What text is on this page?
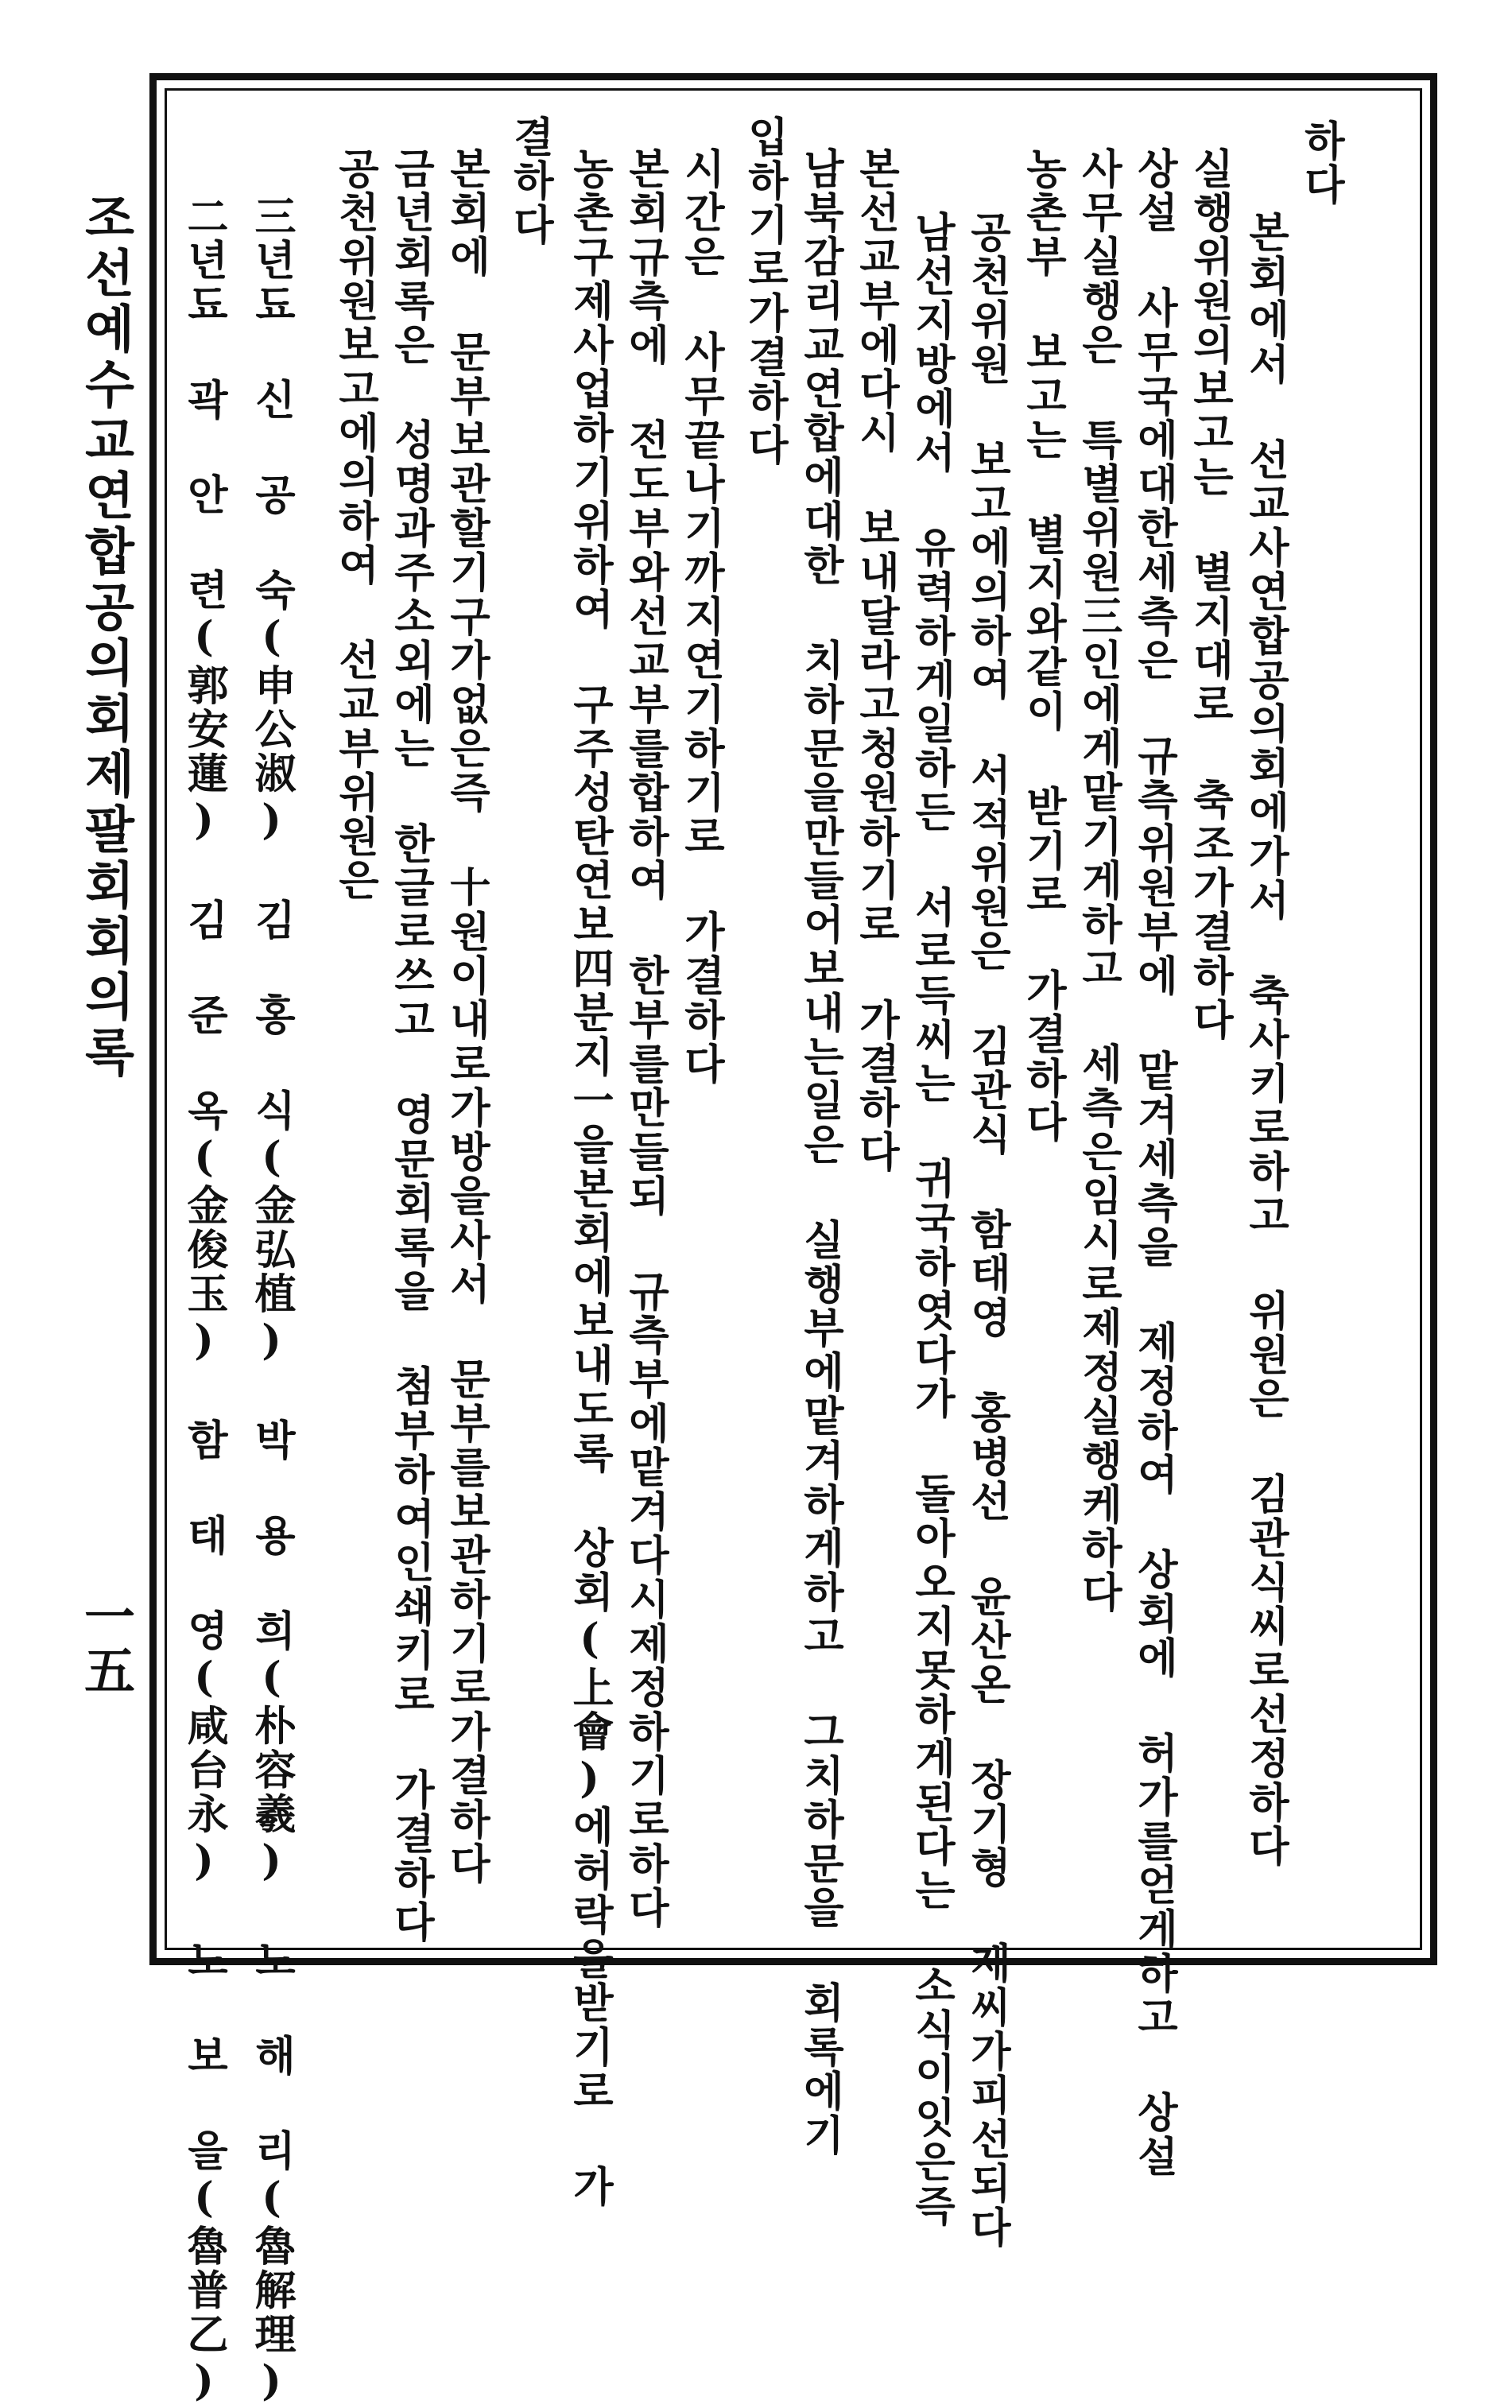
조선예수교연합공의회제팔회회의록
一五
하다
본회에서 선교사연합공의회에가서 축사키로하고 위원은 김관식씨로선정하다
실행위원의보고는 별지대로 축조가결하다
상설 사무국에대한세측은 규측위원부에 맡겨세측을 제정하여 상회에 허가를얻게하고 상설
사무실행은 특별위원三인에게맡기게하고 세측은임시로제정실행케하다
농촌부 보고는 별지와같이 받기로 가결하다
공천위원 보고에의하여 서적위원은 김관식 함태영 홍병선 윤산온 장기형 제씨가피선되다
남선지방에서 유력하게일하든 서로득씨는 귀국하엿다가 돌아오지못하게된다는 소식이잇은즉
본선교부에다시 보내달라고청원하기로 가결하다
남북감리교연합에대한 치하문을만들어보내는일은 실행부에맡겨하게하고 그치하문을 회록에기
입하기로가결하다
시간은 사무끝나기까지연기하기로 가결하다
본회규측에 전도부와선교부를합하여 한부를만들되 규측부에맡겨다시제정하기로하다
농촌구제사업하기위하여 구주성탄연보四분지一을본회에보내도록 상회(上會)에허락을받기로 가
결하다
본회에 문부보관할기구가없은즉 十원이내로가방을사서 문부를보관하기로가결하다
금년회록은 성명과주소외에는 한글로쓰고 영문회록을 첨부하여인쇄키로 가결하다
공천위원보고에의하여 선교부위원은
三년됴 신 공 숙(申公淑) 김 홍 식(金弘植) 박 용 희(朴容羲) 노 해 리(魯解理)
二년됴 곽 안 련(郭安蓮) 김 준 옥(金俊玉) 함 태 영(咸台永) 노 보 을(魯普乙)
